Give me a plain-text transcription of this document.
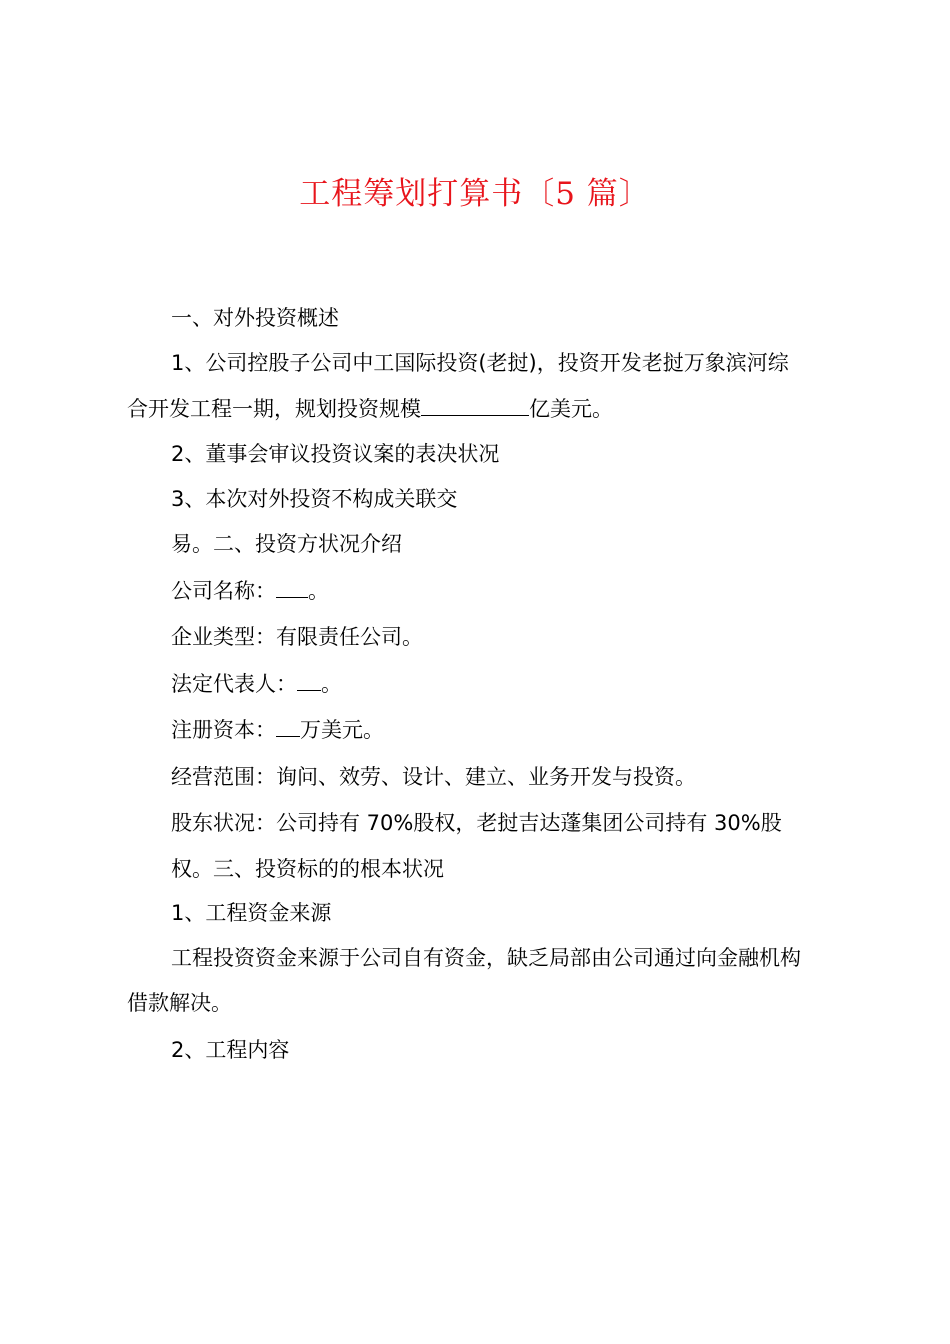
工程筹划打算书〔5 篇〕

一、对外投资概述

1、公司控股子公司中工国际投资(老挝)，投资开发老挝万象滨河综

合开发工程一期，规划投资规模	亿美元。

2、董事会审议投资议案的表决状况

3、本次对外投资不构成关联交

易。二、投资方状况介绍

公司名称： 。

企业类型：有限责任公司。

法定代表人： 。

注册资本： 万美元。

经营范围：询问、效劳、设计、建立、业务开发与投资。

股东状况：公司持有 70%股权，老挝吉达蓬集团公司持有 30%股

权。三、投资标的的根本状况

1、工程资金来源

工程投资资金来源于公司自有资金，缺乏局部由公司通过向金融机构

借款解决。

2、工程内容
